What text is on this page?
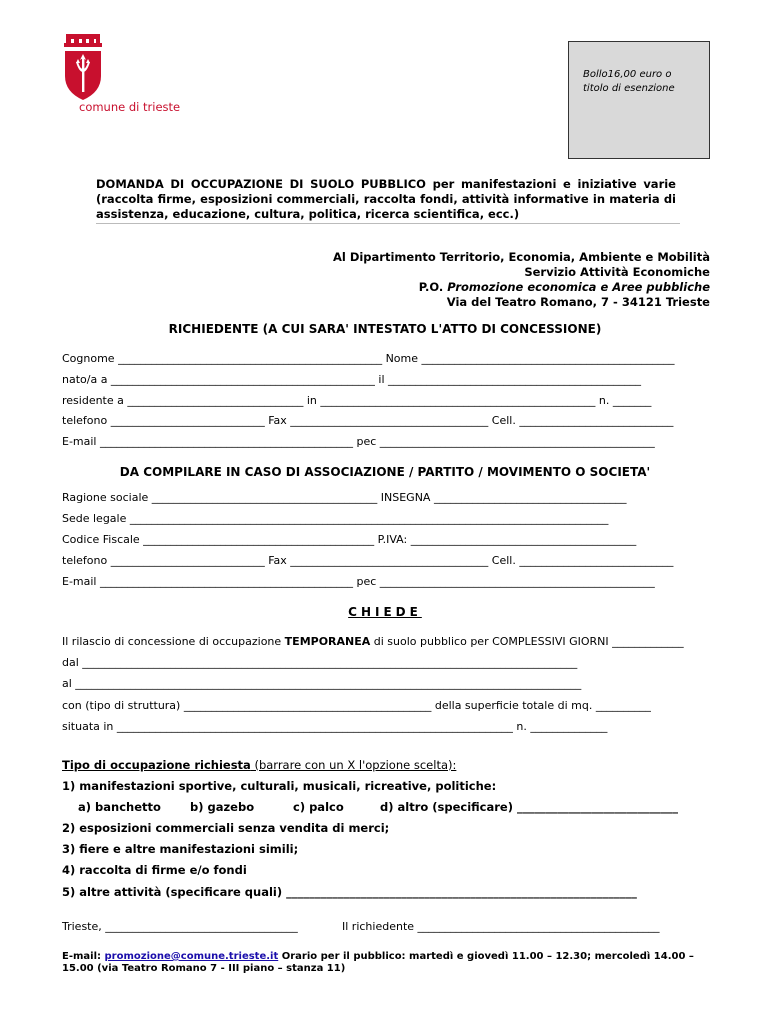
comune di trieste
Bollo16,00 euro o
titolo di esenzione
DOMANDA DI OCCUPAZIONE DI SUOLO PUBBLICO per manifestazioni e iniziative varie (raccolta firme, esposizioni commerciali, raccolta fondi, attività informative in materia di assistenza, educazione, cultura, politica, ricerca scientifica, ecc.)
Al Dipartimento Territorio, Economia, Ambiente e Mobilità
Servizio Attività Economiche
P.O. Promozione economica e Aree pubbliche
Via del Teatro Romano, 7 - 34121 Trieste
RICHIEDENTE (A CUI SARA' INTESTATO L'ATTO DI CONCESSIONE)
Cognome ________________________________________________ Nome ______________________________________________
nato/a a ________________________________________________ il ______________________________________________
residente a ________________________________ in __________________________________________________ n. _______
telefono ____________________________ Fax ____________________________________ Cell. ____________________________
E-mail ______________________________________________ pec __________________________________________________
DA COMPILARE IN CASO DI ASSOCIAZIONE / PARTITO / MOVIMENTO O SOCIETA'
Ragione sociale _________________________________________ INSEGNA ___________________________________
Sede legale _______________________________________________________________________________________
Codice Fiscale __________________________________________ P.IVA: _________________________________________
telefono ____________________________ Fax ____________________________________ Cell. ____________________________
E-mail ______________________________________________ pec __________________________________________________
CHIEDE
Il rilascio di concessione di occupazione TEMPORANEA di suolo pubblico per COMPLESSIVI GIORNI _____________
dal __________________________________________________________________________________________
al ____________________________________________________________________________________________
con (tipo di struttura) _____________________________________________ della superficie totale di mq. __________
situata in ________________________________________________________________________ n. ______________
Tipo di occupazione richiesta (barrare con un X l'opzione scelta):
1) manifestazioni sportive, culturali, musicali, ricreative, politiche:
a) banchetto	b) gazebo	c) palco	d) altro (specificare) ____________________________
2) esposizioni commerciali senza vendita di merci;
3) fiere e altre manifestazioni simili;
4) raccolta di firme e/o fondi
5) altre attività (specificare quali) _____________________________________________________________
Trieste, ___________________________________	Il richiedente ____________________________________________
E-mail: promozione@comune.trieste.it Orario per il pubblico: martedì e giovedì 11.00 – 12.30; mercoledì 14.00 – 15.00 (via Teatro Romano 7 - III piano – stanza 11)
